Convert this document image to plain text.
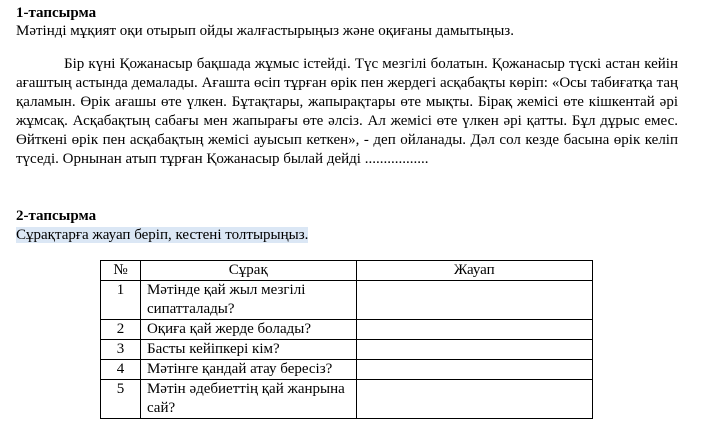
1-тапсырма
Мәтінді мұқият оқи отырып ойды жалғастырыңыз және оқиғаны дамытыңыз.
Бір күні Қожанасыр бақшада жұмыс істейді. Түс мезгілі болатын. Қожанасыр түскі астан кейін ағаштың астында демалады. Ағашта өсіп тұрған өрік пен жердегі асқабақты көріп: «Осы табиғатқа таң қаламын. Өрік ағашы өте үлкен. Бұтақтары, жапырақтары өте мықты. Бірақ жемісі өте кішкентай әрі жұмсақ. Асқабақтың сабағы мен жапырағы өте әлсіз. Ал жемісі өте үлкен әрі қатты. Бұл дұрыс емес. Өйткені өрік пен асқабақтың жемісі ауысып кеткен», - деп ойланады. Дәл сол кезде басына өрік келіп түседі. Орнынан атып тұрған Қожанасыр былай дейді .................
2-тапсырма
Сұрақтарға жауап беріп, кестені толтырыңыз.
№	Сұрақ	Жауап
1	Мәтінде қай жыл мезгілі сипатталады?	
2	Оқиға қай жерде болады?	
3	Басты кейіпкері кім?	
4	Мәтінге қандай атау бересіз?	
5	Мәтін әдебиеттің қай жанрына сай?	
